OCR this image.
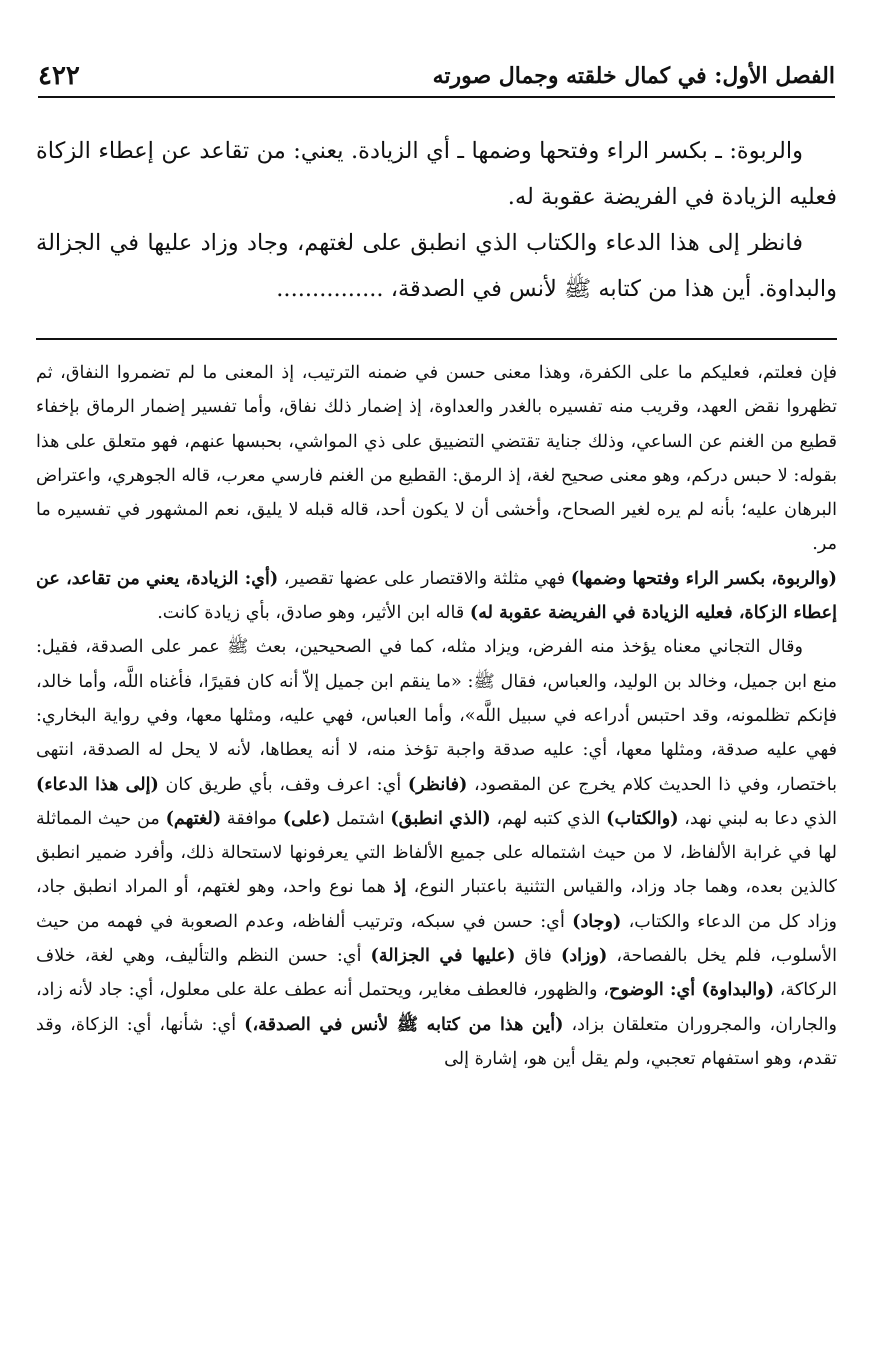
٤٢٢	الفصل الأول: في كمال خلقته وجمال صورته

والربوة: ـ بكسر الراء وفتحها وضمها ـ أي الزيادة. يعني: من تقاعد عن إعطاء الزكاة فعليه الزيادة في الفريضة عقوبة له.

فانظر إلى هذا الدعاء والكتاب الذي انطبق على لغتهم، وجاد وزاد عليها في الجزالة والبداوة. أين هذا من كتابه ﷺ لأنس في الصدقة، ...............

فإن فعلتم، فعليكم ما على الكفرة، وهذا معنى حسن في ضمنه الترتيب، إذ المعنى ما لم تضمروا النفاق، ثم تظهروا نقض العهد، وقريب منه تفسيره بالغدر والعداوة، إذ إضمار ذلك نفاق، وأما تفسير إضمار الرماق بإخفاء قطيع من الغنم عن الساعي، وذلك جناية تقتضي التضييق على ذي المواشي، بحبسها عنهم، فهو متعلق على هذا بقوله: لا حبس دركم، وهو معنى صحيح لغة، إذ الرمق: القطيع من الغنم فارسي معرب، قاله الجوهري، واعتراض البرهان عليه؛ بأنه لم يره لغير الصحاح، وأخشى أن لا يكون أحد، قاله قبله لا يليق، نعم المشهور في تفسيره ما مر.

(والربوة، بكسر الراء وفتحها وضمها) فهي مثلثة والاقتصار على عضها تقصير، (أي: الزيادة، يعني من تقاعد، عن إعطاء الزكاة، فعليه الزيادة في الفريضة عقوبة له) قاله ابن الأثير، وهو صادق، بأي زيادة كانت.

وقال التجاني معناه يؤخذ منه الفرض، ويزاد مثله، كما في الصحيحين، بعث ﷺ عمر على الصدقة، فقيل: منع ابن جميل، وخالد بن الوليد، والعباس، فقال ﷺ: «ما ينقم ابن جميل إلاّ أنه كان فقيرًا، فأغناه اللَّه، وأما خالد، فإنكم تظلمونه، وقد احتبس أدراعه في سبيل اللَّه»، وأما العباس، فهي عليه، ومثلها معها، وفي رواية البخاري: فهي عليه صدقة، ومثلها معها، أي: عليه صدقة واجبة تؤخذ منه، لا أنه يعطاها، لأنه لا يحل له الصدقة، انتهى باختصار، وفي ذا الحديث كلام يخرج عن المقصود، (فانظر) أي: اعرف وقف، بأي طريق كان (إلى هذا الدعاء) الذي دعا به لبني نهد، (والكتاب) الذي كتبه لهم، (الذي انطبق) اشتمل (على) موافقة (لغتهم) من حيث المماثلة لها في غرابة الألفاظ، لا من حيث اشتماله على جميع الألفاظ التي يعرفونها لاستحالة ذلك، وأفرد ضمير انطبق كالذين بعده، وهما جاد وزاد، والقياس التثنية باعتبار النوع، إذ هما نوع واحد، وهو لغتهم، أو المراد انطبق جاد، وزاد كل من الدعاء والكتاب، (وجاد) أي: حسن في سبكه، وترتيب ألفاظه، وعدم الصعوبة في فهمه من حيث الأسلوب، فلم يخل بالفصاحة، (وزاد) فاق (عليها في الجزالة) أي: حسن النظم والتأليف، وهي لغة، خلاف الركاكة، (والبداوة) أي: الوضوح، والظهور، فالعطف مغاير، ويحتمل أنه عطف علة على معلول، أي: جاد لأنه زاد، والجاران، والمجروران متعلقان بزاد، (أين هذا من كتابه ﷺ لأنس في الصدقة،) أي: شأنها، أي: الزكاة، وقد تقدم، وهو استفهام تعجبي، ولم يقل أين هو، إشارة إلى
